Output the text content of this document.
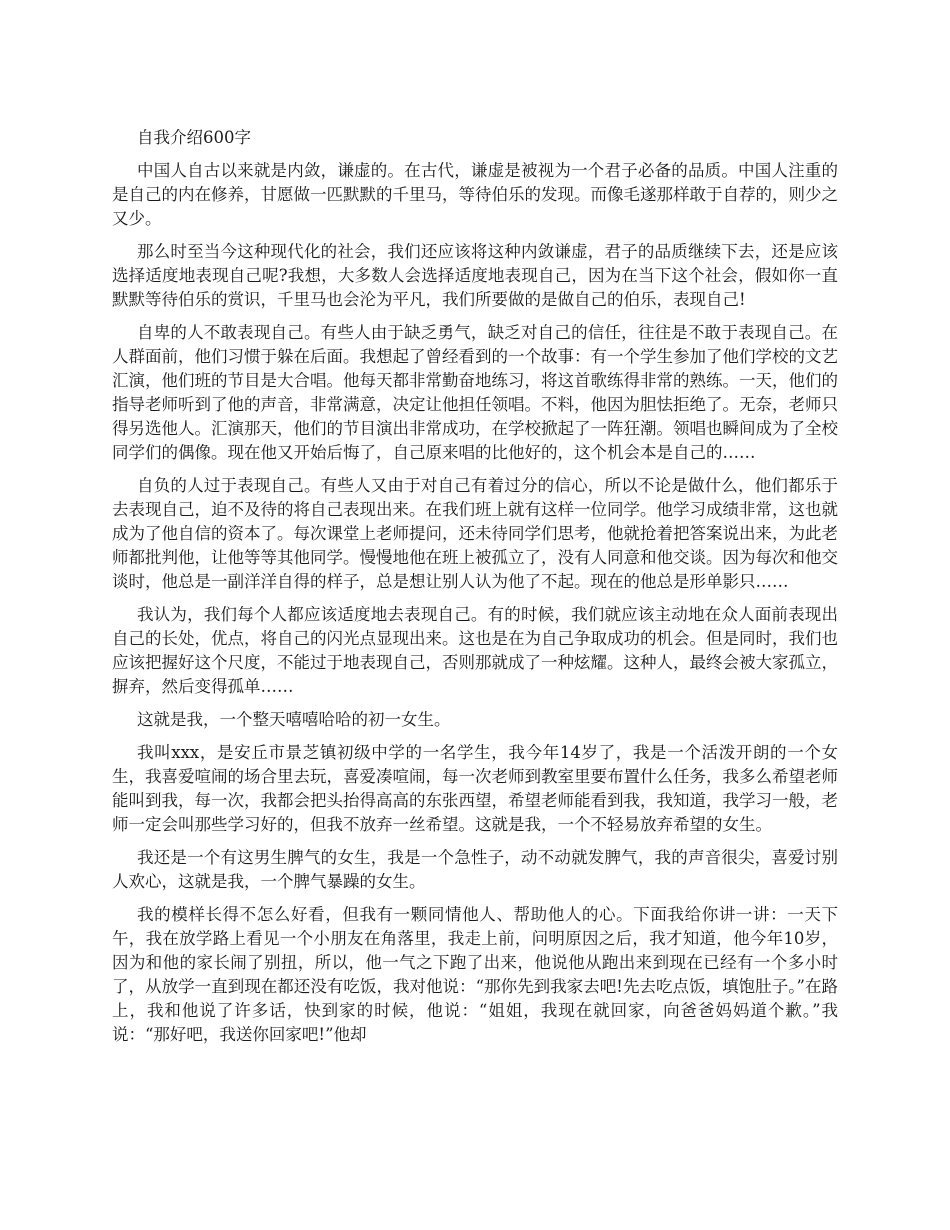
自我介绍600字

中国人自古以来就是内敛，谦虚的。在古代，谦虚是被视为一个君子必备的品质。中国人注重的是自己的内在修养，甘愿做一匹默默的千里马，等待伯乐的发现。而像毛遂那样敢于自荐的，则少之又少。

那么时至当今这种现代化的社会，我们还应该将这种内敛谦虚，君子的品质继续下去，还是应该选择适度地表现自己呢?我想，大多数人会选择适度地表现自己，因为在当下这个社会，假如你一直默默等待伯乐的赏识，千里马也会沦为平凡，我们所要做的是做自己的伯乐，表现自己!

自卑的人不敢表现自己。有些人由于缺乏勇气，缺乏对自己的信任，往往是不敢于表现自己。在人群面前，他们习惯于躲在后面。我想起了曾经看到的一个故事：有一个学生参加了他们学校的文艺汇演，他们班的节目是大合唱。他每天都非常勤奋地练习，将这首歌练得非常的熟练。一天，他们的指导老师听到了他的声音，非常满意，决定让他担任领唱。不料，他因为胆怯拒绝了。无奈，老师只得另选他人。汇演那天，他们的节目演出非常成功，在学校掀起了一阵狂潮。领唱也瞬间成为了全校同学们的偶像。现在他又开始后悔了，自己原来唱的比他好的，这个机会本是自己的……

自负的人过于表现自己。有些人又由于对自己有着过分的信心，所以不论是做什么，他们都乐于去表现自己，迫不及待的将自己表现出来。在我们班上就有这样一位同学。他学习成绩非常，这也就成为了他自信的资本了。每次课堂上老师提问，还未待同学们思考，他就抢着把答案说出来，为此老师都批判他，让他等等其他同学。慢慢地他在班上被孤立了，没有人同意和他交谈。因为每次和他交谈时，他总是一副洋洋自得的样子，总是想让别人认为他了不起。现在的他总是形单影只……

我认为，我们每个人都应该适度地去表现自己。有的时候，我们就应该主动地在众人面前表现出自己的长处，优点，将自己的闪光点显现出来。这也是在为自己争取成功的机会。但是同时，我们也应该把握好这个尺度，不能过于地表现自己，否则那就成了一种炫耀。这种人，最终会被大家孤立，摒弃，然后变得孤单……

这就是我，一个整天嘻嘻哈哈的初一女生。

我叫xxx，是安丘市景芝镇初级中学的一名学生，我今年14岁了，我是一个活泼开朗的一个女生，我喜爱喧闹的场合里去玩，喜爱凑喧闹，每一次老师到教室里要布置什么任务，我多么希望老师能叫到我，每一次，我都会把头抬得高高的东张西望，希望老师能看到我，我知道，我学习一般，老师一定会叫那些学习好的，但我不放弃一丝希望。这就是我，一个不轻易放弃希望的女生。

我还是一个有这男生脾气的女生，我是一个急性子，动不动就发脾气，我的声音很尖，喜爱讨别人欢心，这就是我，一个脾气暴躁的女生。

我的模样长得不怎么好看，但我有一颗同情他人、帮助他人的心。下面我给你讲一讲：一天下午，我在放学路上看见一个小朋友在角落里，我走上前，问明原因之后，我才知道，他今年10岁，因为和他的家长闹了别扭，所以，他一气之下跑了出来，他说他从跑出来到现在已经有一个多小时了，从放学一直到现在都还没有吃饭，我对他说：“那你先到我家去吧!先去吃点饭，填饱肚子。”在路上，我和他说了许多话，快到家的时候，他说：“姐姐，我现在就回家，向爸爸妈妈道个歉。”我说：“那好吧，我送你回家吧!”他却
